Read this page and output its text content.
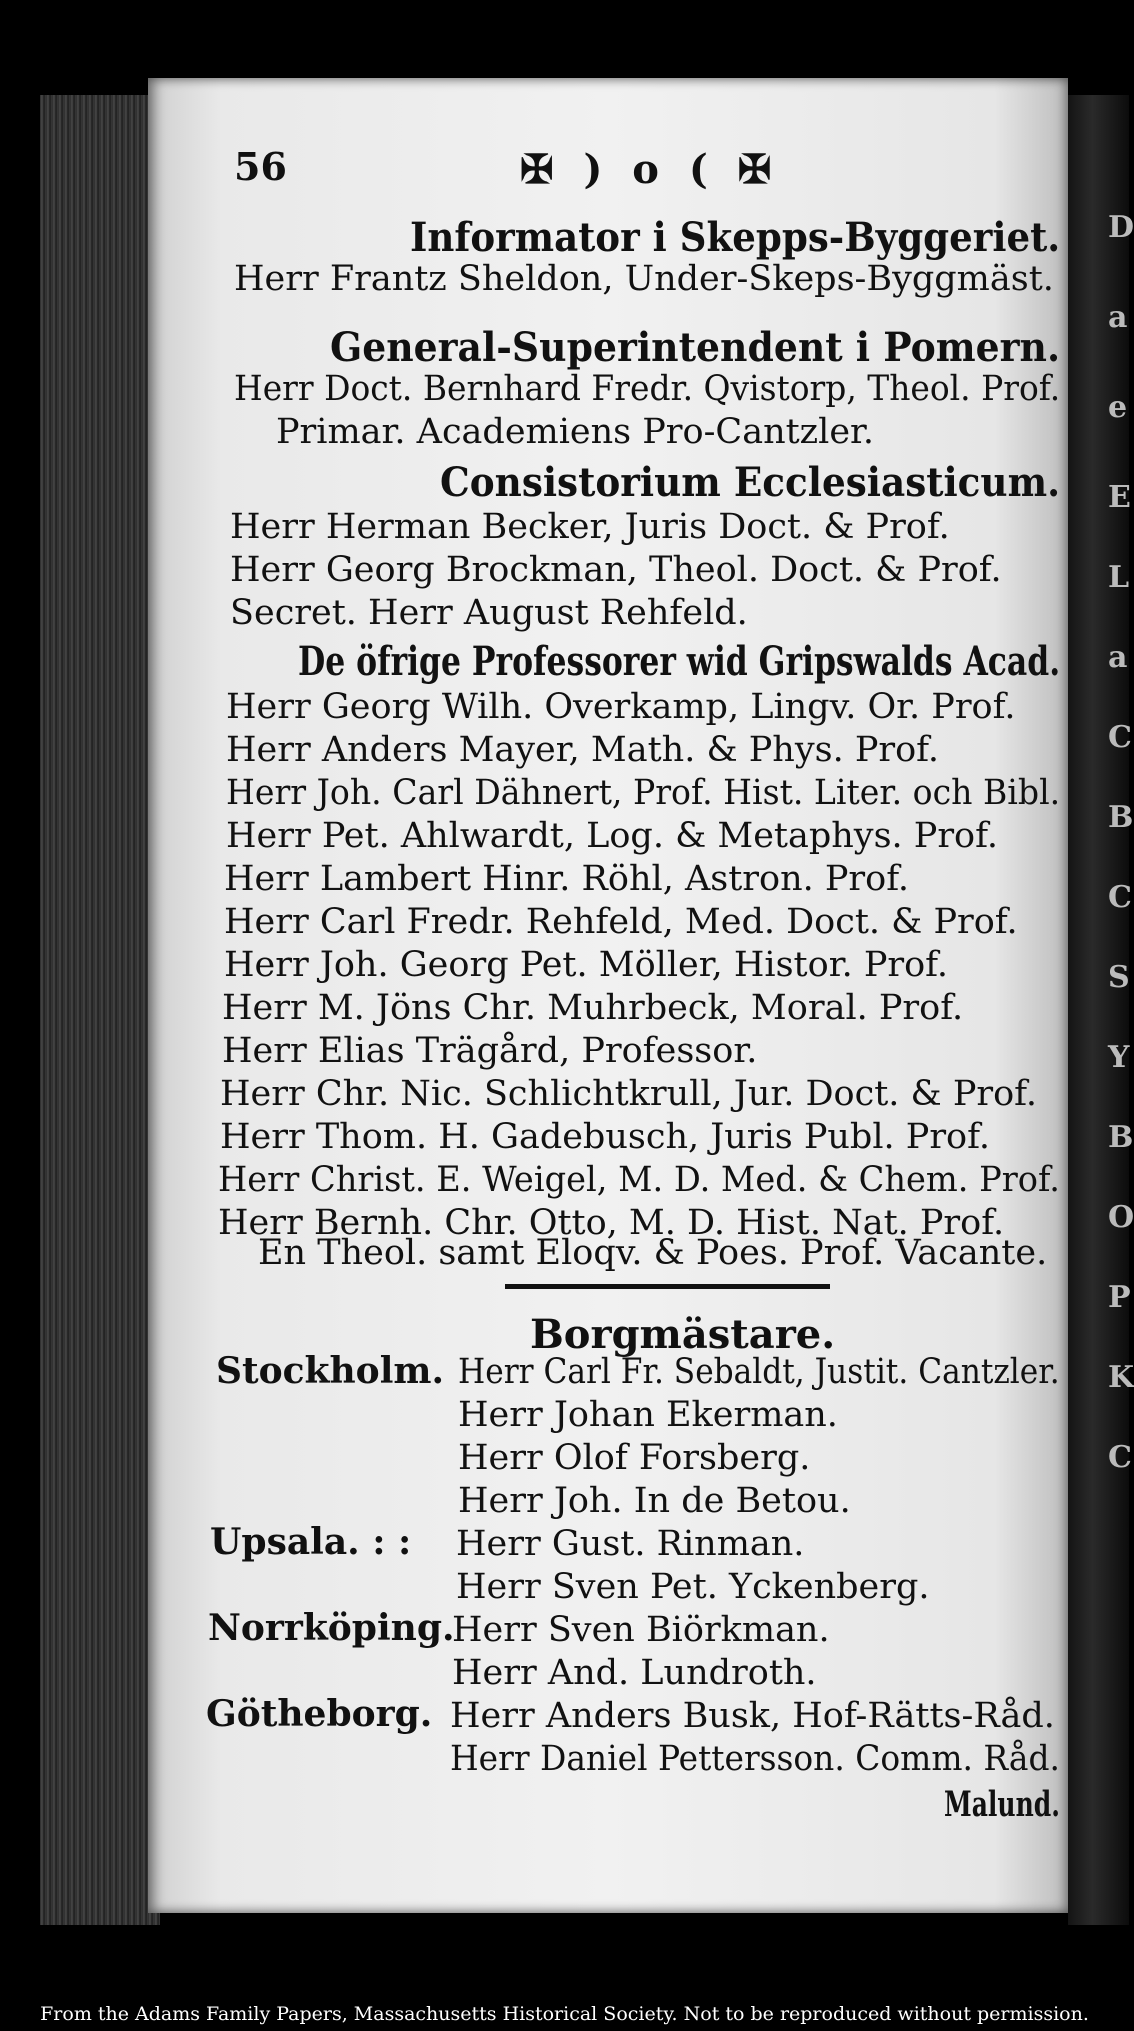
D
a
e
E
L
a
C
B
C
S
Y
B
O
P
K
C
56	✠ ) o ( ✠
Informator i Skepps-Byggeriet.
Herr Frantz Sheldon, Under-Skeps-Byggmäst.
General-Superintendent i Pomern.
Herr Doct. Bernhard Fredr. Qvistorp, Theol. Prof.
Primar. Academiens Pro-Cantzler.
Consistorium Ecclesiasticum.
Herr Herman Becker, Juris Doct. & Prof.
Herr Georg Brockman, Theol. Doct. & Prof.
Secret. Herr August Rehfeld.
De öfrige Professorer wid Gripswalds Acad.
Herr Georg Wilh. Overkamp, Lingv. Or. Prof.
Herr Anders Mayer, Math. & Phys. Prof.
Herr Joh. Carl Dähnert, Prof. Hist. Liter. och Bibl.
Herr Pet. Ahlwardt, Log. & Metaphys. Prof.
Herr Lambert Hinr. Röhl, Astron. Prof.
Herr Carl Fredr. Rehfeld, Med. Doct. & Prof.
Herr Joh. Georg Pet. Möller, Histor. Prof.
Herr M. Jöns Chr. Muhrbeck, Moral. Prof.
Herr Elias Trägård, Professor.
Herr Chr. Nic. Schlichtkrull, Jur. Doct. & Prof.
Herr Thom. H. Gadebusch, Juris Publ. Prof.
Herr Christ. E. Weigel, M. D. Med. & Chem. Prof.
Herr Bernh. Chr. Otto, M. D. Hist. Nat. Prof.
En Theol. samt Eloqv. & Poes. Prof. Vacante.
Borgmästare.
Stockholm. Herr Carl Fr. Sebaldt, Justit. Cantzler.
Herr Johan Ekerman.
Herr Olof Forsberg.
Herr Joh. In de Betou.
Upsala. : : Herr Gust. Rinman.
Herr Sven Pet. Yckenberg.
Norrköping.
Herr Sven Biörkman.
Herr And. Lundroth.
Götheborg. Herr Anders Busk, Hof-Rätts-Råd.
Herr Daniel Pettersson. Comm. Råd.
Malund.
From the Adams Family Papers, Massachusetts Historical Society. Not to be reproduced without permission.
